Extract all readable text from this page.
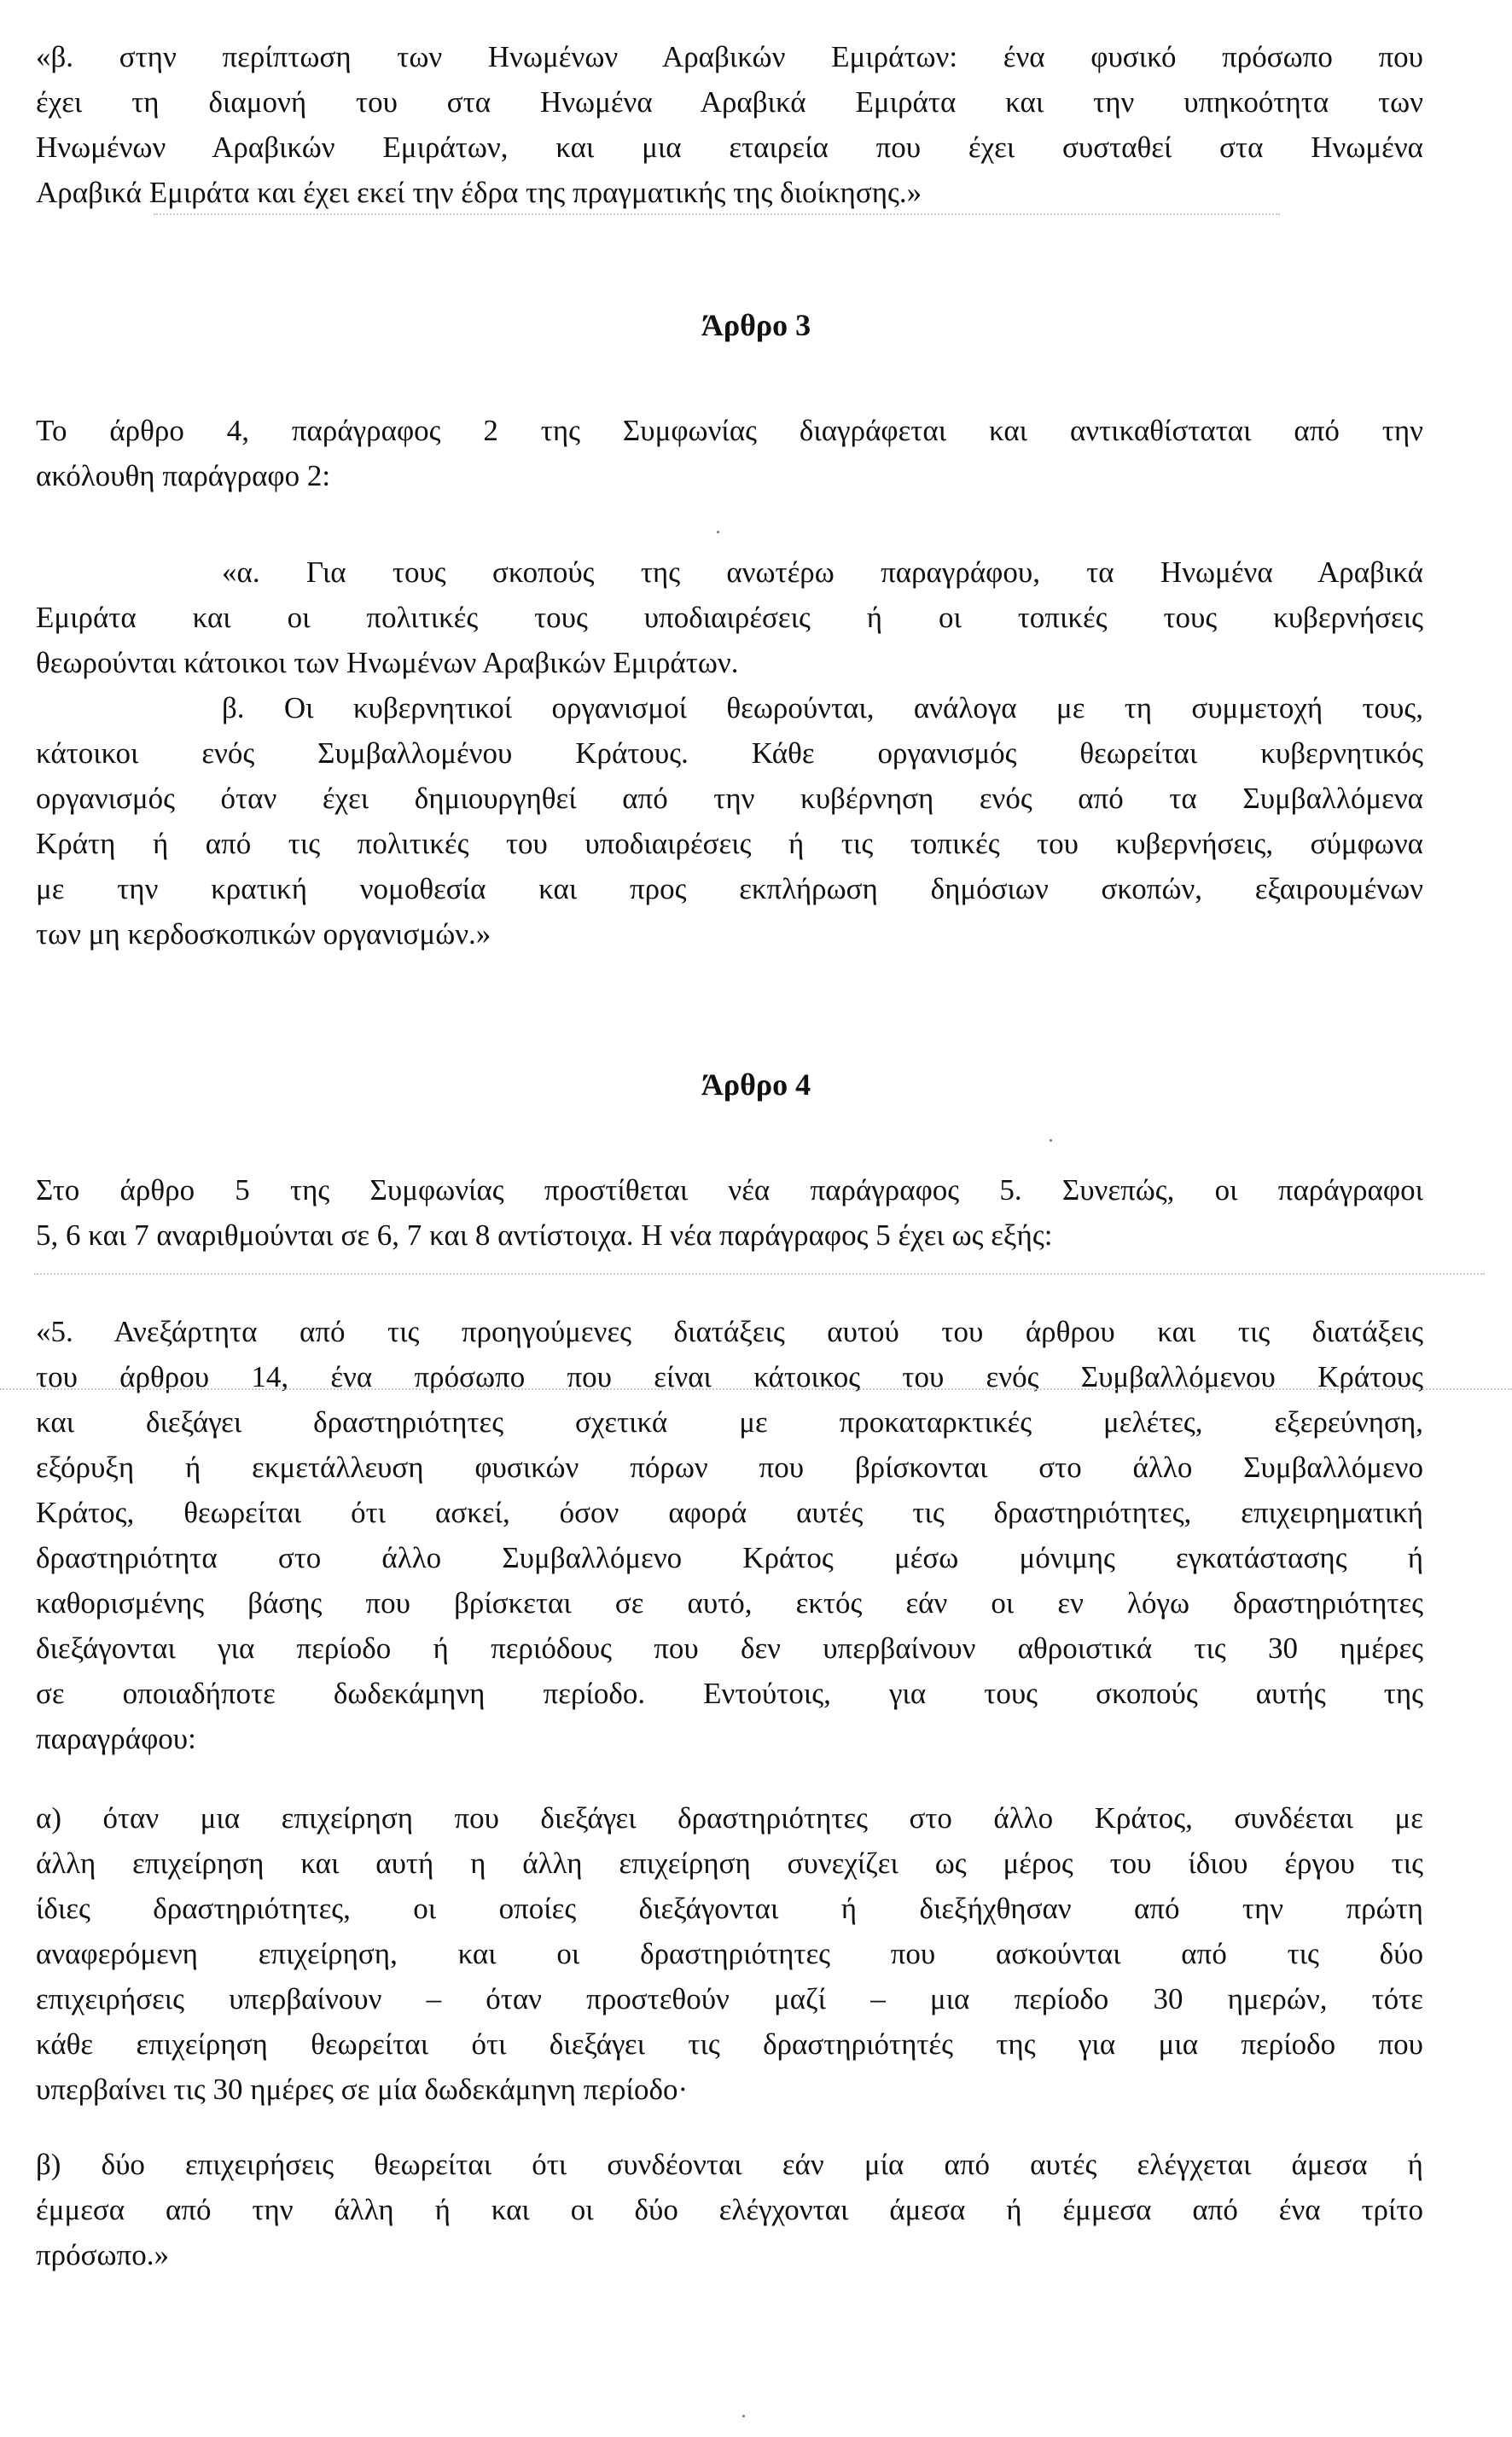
«β. στην περίπτωση των Ηνωμένων Αραβικών Εμιράτων: ένα φυσικό πρόσωπο που
έχει τη διαμονή του στα Ηνωμένα Αραβικά Εμιράτα και την υπηκοότητα των
Ηνωμένων Αραβικών Εμιράτων, και μια εταιρεία που έχει συσταθεί στα Ηνωμένα
Αραβικά Εμιράτα και έχει εκεί την έδρα της πραγματικής της διοίκησης.»
Άρθρο 3
Το άρθρο 4, παράγραφος 2 της Συμφωνίας διαγράφεται και αντικαθίσταται από την
ακόλουθη παράγραφο 2:
«α. Για τους σκοπούς της ανωτέρω παραγράφου, τα Ηνωμένα Αραβικά
Εμιράτα και οι πολιτικές τους υποδιαιρέσεις ή οι τοπικές τους κυβερνήσεις
θεωρούνται κάτοικοι των Ηνωμένων Αραβικών Εμιράτων.
β. Οι κυβερνητικοί οργανισμοί θεωρούνται, ανάλογα με τη συμμετοχή τους,
κάτοικοι ενός Συμβαλλομένου Κράτους. Κάθε οργανισμός θεωρείται κυβερνητικός
οργανισμός όταν έχει δημιουργηθεί από την κυβέρνηση ενός από τα Συμβαλλόμενα
Κράτη ή από τις πολιτικές του υποδιαιρέσεις ή τις τοπικές του κυβερνήσεις, σύμφωνα
με την κρατική νομοθεσία και προς εκπλήρωση δημόσιων σκοπών, εξαιρουμένων
των μη κερδοσκοπικών οργανισμών.»
Άρθρο 4
Στο άρθρο 5 της Συμφωνίας προστίθεται νέα παράγραφος 5. Συνεπώς, οι παράγραφοι
5, 6 και 7 αναριθμούνται σε 6, 7 και 8 αντίστοιχα. Η νέα παράγραφος 5 έχει ως εξής:
«5. Ανεξάρτητα από τις προηγούμενες διατάξεις αυτού του άρθρου και τις διατάξεις
του άρθρου 14, ένα πρόσωπο που είναι κάτοικος του ενός Συμβαλλόμενου Κράτους
και διεξάγει δραστηριότητες σχετικά με προκαταρκτικές μελέτες, εξερεύνηση,
εξόρυξη ή εκμετάλλευση φυσικών πόρων που βρίσκονται στο άλλο Συμβαλλόμενο
Κράτος, θεωρείται ότι ασκεί, όσον αφορά αυτές τις δραστηριότητες, επιχειρηματική
δραστηριότητα στο άλλο Συμβαλλόμενο Κράτος μέσω μόνιμης εγκατάστασης ή
καθορισμένης βάσης που βρίσκεται σε αυτό, εκτός εάν οι εν λόγω δραστηριότητες
διεξάγονται για περίοδο ή περιόδους που δεν υπερβαίνουν αθροιστικά τις 30 ημέρες
σε οποιαδήποτε δωδεκάμηνη περίοδο. Εντούτοις, για τους σκοπούς αυτής της
παραγράφου:
α) όταν μια επιχείρηση που διεξάγει δραστηριότητες στο άλλο Κράτος, συνδέεται με
άλλη επιχείρηση και αυτή η άλλη επιχείρηση συνεχίζει ως μέρος του ίδιου έργου τις
ίδιες δραστηριότητες, οι οποίες διεξάγονται ή διεξήχθησαν από την πρώτη
αναφερόμενη επιχείρηση, και οι δραστηριότητες που ασκούνται από τις δύο
επιχειρήσεις υπερβαίνουν – όταν προστεθούν μαζί – μια περίοδο 30 ημερών, τότε
κάθε επιχείρηση θεωρείται ότι διεξάγει τις δραστηριότητές της για μια περίοδο που
υπερβαίνει τις 30 ημέρες σε μία δωδεκάμηνη περίοδο·
β) δύο επιχειρήσεις θεωρείται ότι συνδέονται εάν μία από αυτές ελέγχεται άμεσα ή
έμμεσα από την άλλη ή και οι δύο ελέγχονται άμεσα ή έμμεσα από ένα τρίτο
πρόσωπο.»
